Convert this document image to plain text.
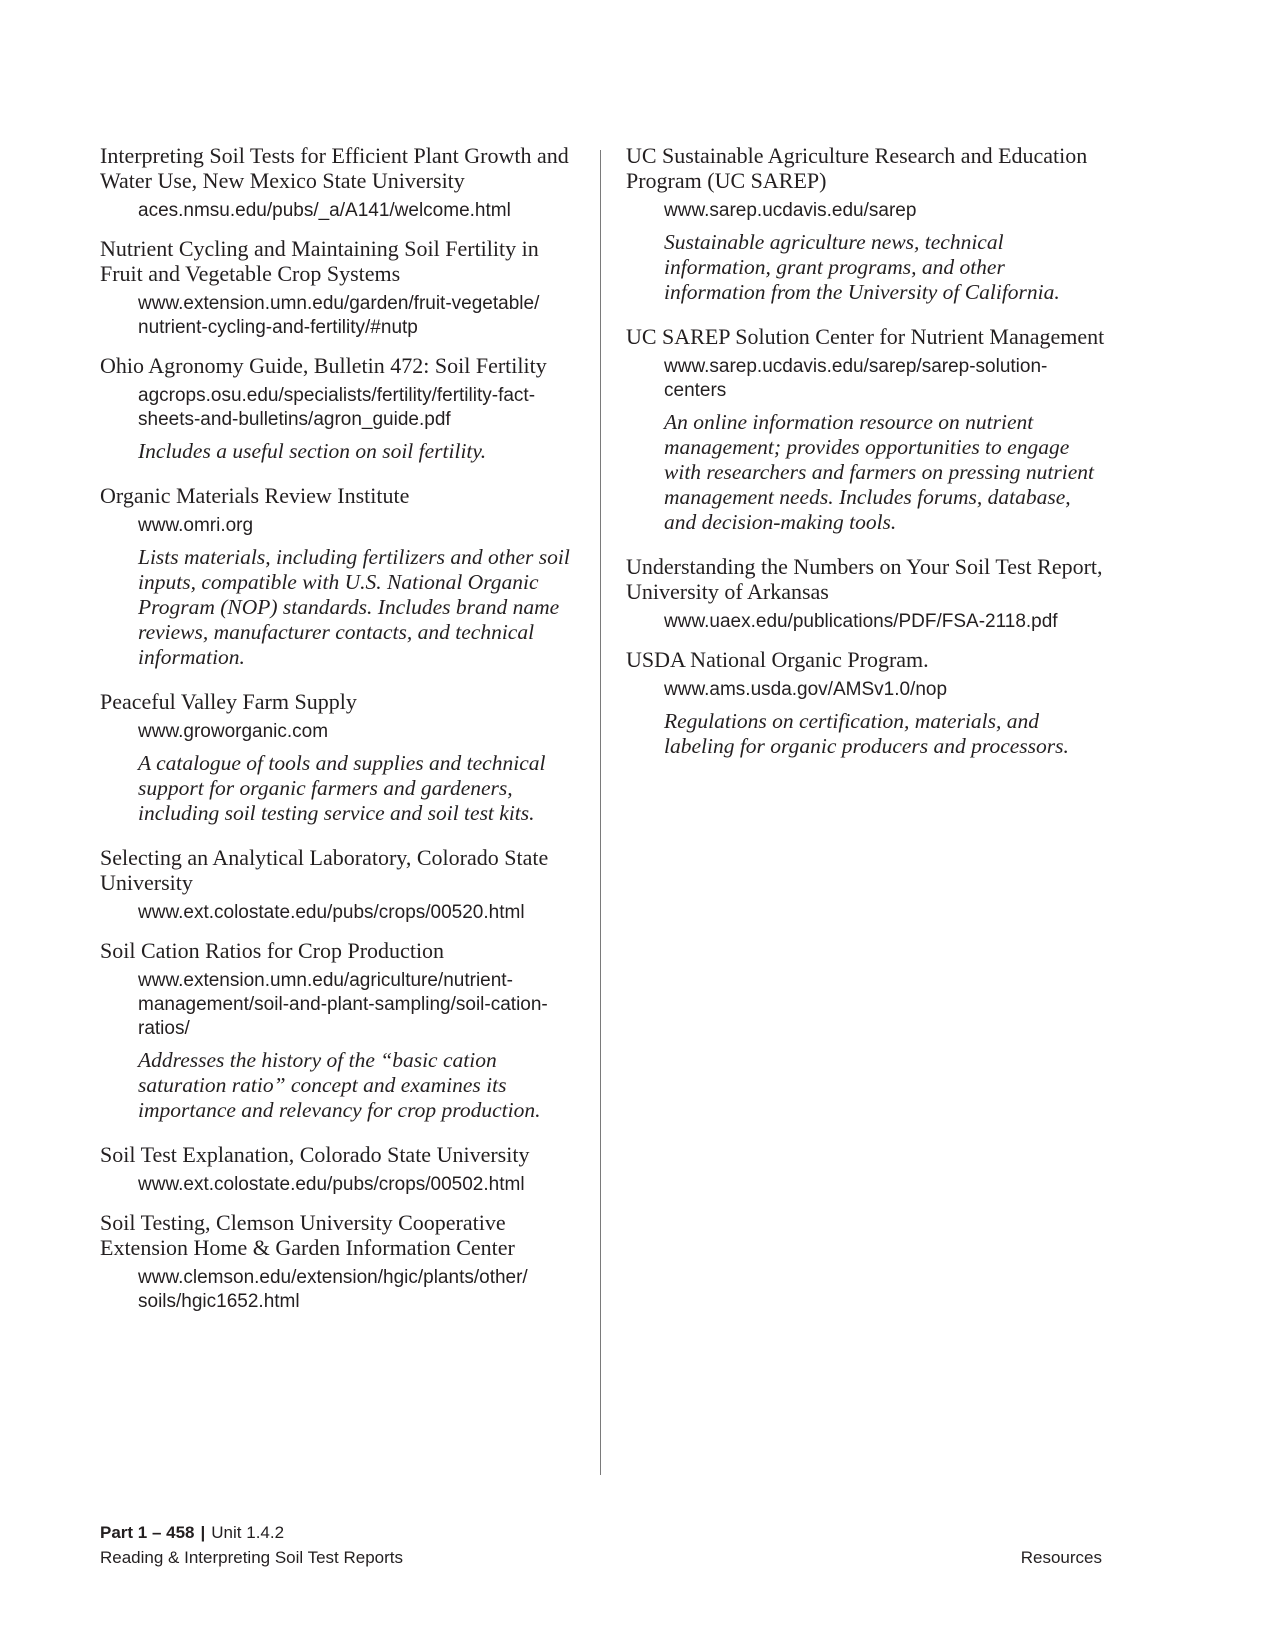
Interpreting Soil Tests for Efficient Plant Growth and Water Use, New Mexico State University
aces.nmsu.edu/pubs/_a/A141/welcome.html
Nutrient Cycling and Maintaining Soil Fertility in Fruit and Vegetable Crop Systems
www.extension.umn.edu/garden/fruit-vegetable/
nutrient-cycling-and-fertility/#nutp
Ohio Agronomy Guide, Bulletin 472: Soil Fertility
agcrops.osu.edu/specialists/fertility/fertility-fact-
sheets-and-bulletins/agron_guide.pdf
Includes a useful section on soil fertility.
Organic Materials Review Institute
www.omri.org
Lists materials, including fertilizers and other soil inputs, compatible with U.S. National Organic Program (NOP) standards. Includes brand name reviews, manufacturer contacts, and technical information.
Peaceful Valley Farm Supply
www.groworganic.com
A catalogue of tools and supplies and technical support for organic farmers and gardeners, including soil testing service and soil test kits.
Selecting an Analytical Laboratory, Colorado State University
www.ext.colostate.edu/pubs/crops/00520.html
Soil Cation Ratios for Crop Production
www.extension.umn.edu/agriculture/nutrient-
management/soil-and-plant-sampling/soil-cation-
ratios/
Addresses the history of the “basic cation saturation ratio” concept and examines its importance and relevancy for crop production.
Soil Test Explanation, Colorado State University
www.ext.colostate.edu/pubs/crops/00502.html
Soil Testing, Clemson University Cooperative Extension Home & Garden Information Center
www.clemson.edu/extension/hgic/plants/other/
soils/hgic1652.html
UC Sustainable Agriculture Research and Education Program (UC SAREP)
www.sarep.ucdavis.edu/sarep
Sustainable agriculture news, technical information, grant programs, and other information from the University of California.
UC SAREP Solution Center for Nutrient Management
www.sarep.ucdavis.edu/sarep/sarep-solution-
centers
An online information resource on nutrient management; provides opportunities to engage with researchers and farmers on pressing nutrient management needs. Includes forums, database, and decision-making tools.
Understanding the Numbers on Your Soil Test Report, University of Arkansas
www.uaex.edu/publications/PDF/FSA-2118.pdf
USDA National Organic Program.
www.ams.usda.gov/AMSv1.0/nop
Regulations on certification, materials, and labeling for organic producers and processors.
Part 1 – 458 | Unit 1.4.2
Reading & Interpreting Soil Test Reports	Resources
